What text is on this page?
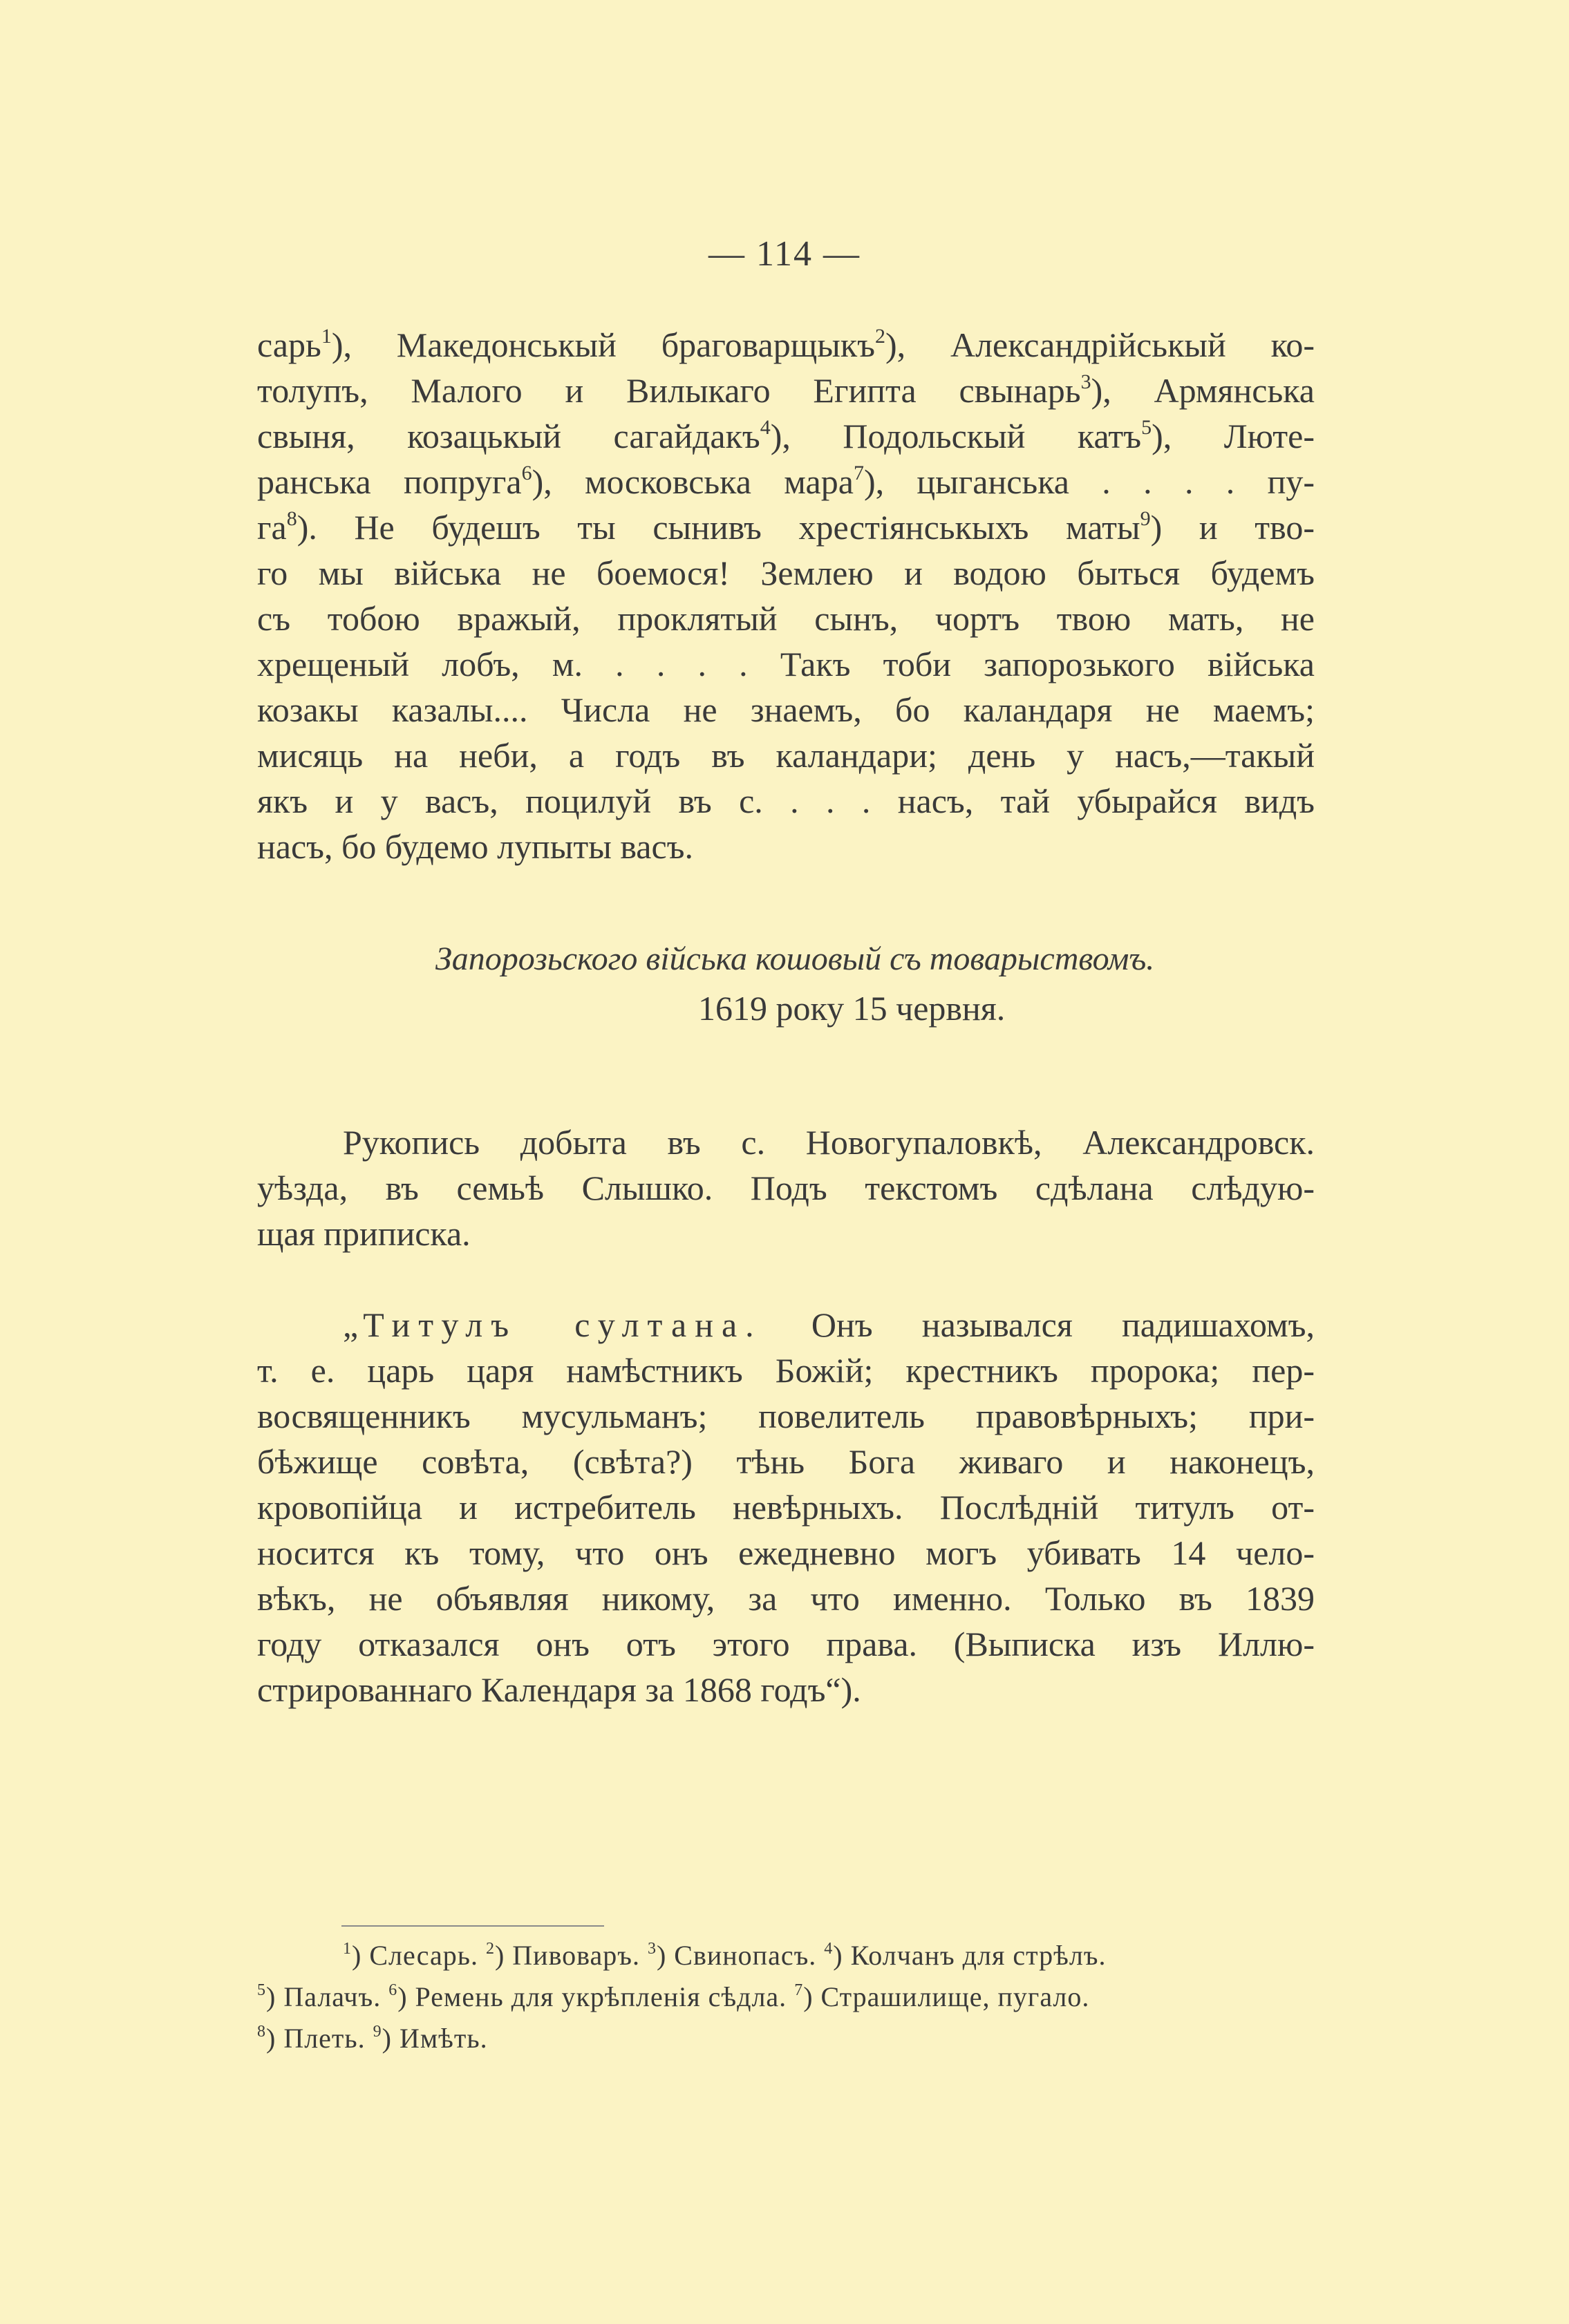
— 114 —
сарь$^1$), Македонськый браговарщыкъ$^2$), Александрійськый ко-
толупъ, Малого и Вилыкаго Египта свынарь$^3$), Армянська
свыня, козацькый сагайдакъ$^4$), Подольскый катъ$^5$), Люте-
ранська попруга$^6$), московська мара$^7$), цыганська . . . . пу-
$га^8$). Не будешъ ты сынивъ хрестіянськыхъ маты$^9$) и тво-
го мы війська не боемося! Землею и водою быться будемъ
съ тобою вражый, проклятый сынъ, чортъ твою мать, не
хрещеный лобъ, м. . . . . Такъ тоби запорозького війська
козакы казалы.... Числа не знаемъ, бо каландаря не маемъ;
мисяць на неби, а годъ въ каландари; день у насъ,—такый
якъ и у васъ, поцилуй въ с. . . . насъ, тай убырайся видъ
насъ, бо будемо лупыты васъ.
Запорозьского війська кошовый съ товарыствомъ.
1619 року 15 червня.
Рукопись добыта въ с. Новогупаловкѣ, Александровск.
уѣзда, въ семьѣ Слышко. Подъ текстомъ сдѣлана слѣдую-
щая приписка.
„Титулъ султана. Онъ назывался падишахомъ,
т. е. царь царя намѣстникъ Божій; крестникъ пророка; пер-
восвященникъ мусульманъ; повелитель правовѣрныхъ; при-
бѣжище совѣта, (свѣта?) тѣнь Бога живаго и наконецъ,
кровопійца и истребитель невѣрныхъ. Послѣдній титулъ от-
носится къ тому, что онъ ежедневно могъ убивать 14 чело-
вѣкъ, не объявляя никому, за что именно. Только въ 1839
году отказался онъ отъ этого права. (Выписка изъ Иллю-
стрированнаго Календаря за 1868 годъ“).
$^1$) Слесарь. $^2$) Пивоваръ. $^3$) Свинопасъ. $^4$) Колчанъ для стрѣлъ.
$^5$) Палачъ. $^6$) Ремень для укрѣпленія сѣдла. $^7$) Страшилище, пугало.
$^8$) Плеть. $^9$) Имѣть.
